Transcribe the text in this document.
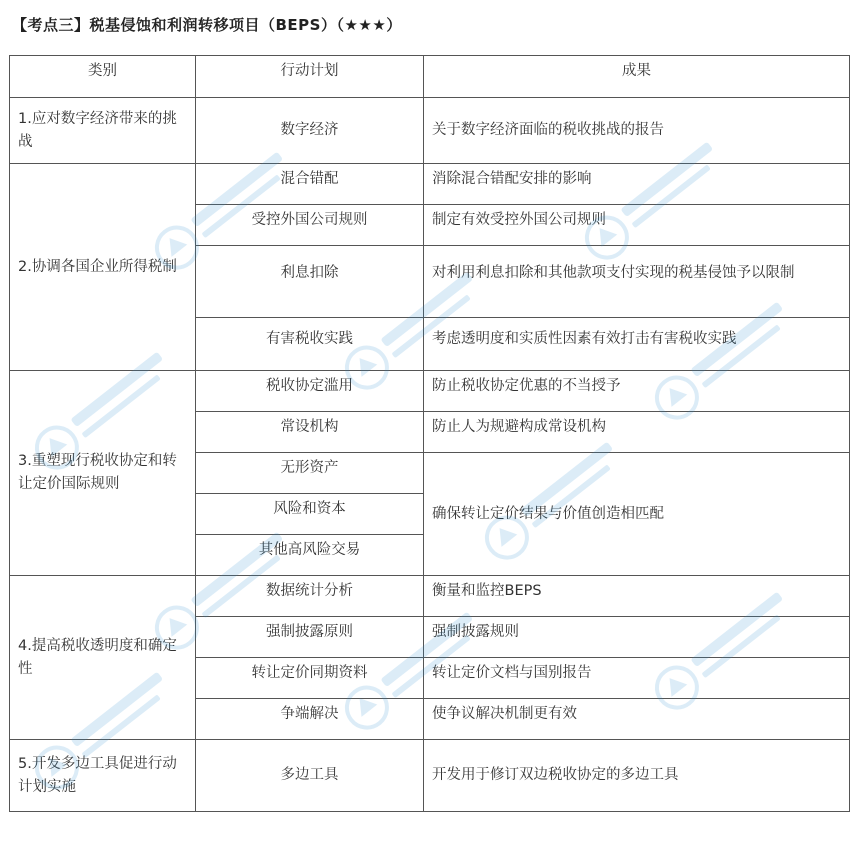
【考点三】税基侵蚀和利润转移项目（BEPS）（★★★）
类别	行动计划	成果
1.应对数字经济带来的挑战	数字经济	关于数字经济面临的税收挑战的报告
2.协调各国企业所得税制	混合错配	消除混合错配安排的影响
	受控外国公司规则	制定有效受控外国公司规则
	利息扣除	对利用利息扣除和其他款项支付实现的税基侵蚀予以限制
	有害税收实践	考虑透明度和实质性因素有效打击有害税收实践
3.重塑现行税收协定和转让定价国际规则	税收协定滥用	防止税收协定优惠的不当授予
	常设机构	防止人为规避构成常设机构
	无形资产	确保转让定价结果与价值创造相匹配
	风险和资本	
	其他高风险交易	
4.提高税收透明度和确定性	数据统计分析	衡量和监控BEPS
	强制披露原则	强制披露规则
	转让定价同期资料	转让定价文档与国别报告
	争端解决	使争议解决机制更有效
5.开发多边工具促进行动计划实施	多边工具	开发用于修订双边税收协定的多边工具
